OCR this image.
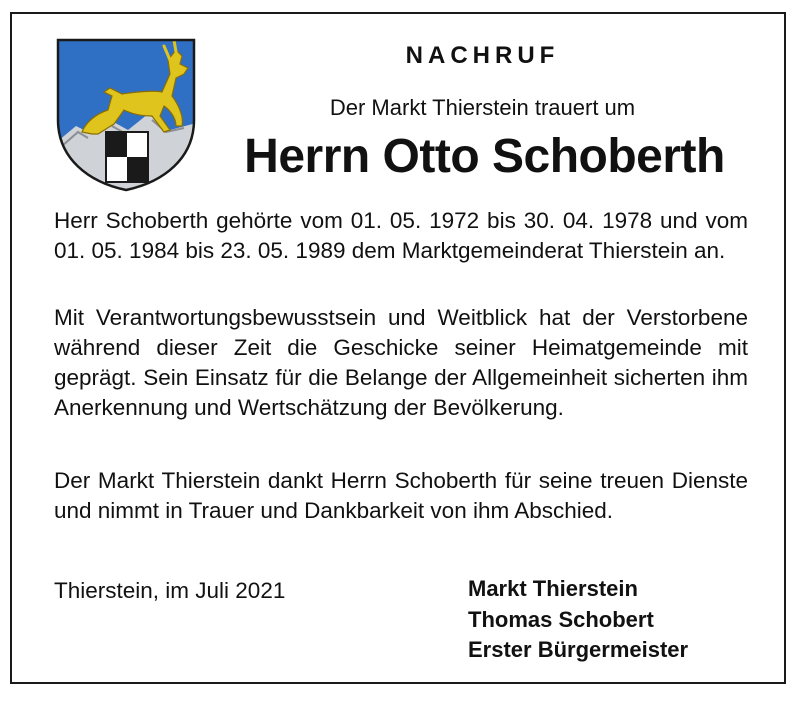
NACHRUF
Der Markt Thierstein trauert um
Herrn Otto Schoberth

Herr Schoberth gehörte vom 01. 05. 1972 bis 30. 04. 1978 und vom 01. 05. 1984 bis 23. 05. 1989 dem Marktgemeinderat Thierstein an.

Mit Verantwortungsbewusstsein und Weitblick hat der Verstorbene während dieser Zeit die Geschicke seiner Heimatgemeinde mit geprägt. Sein Einsatz für die Belange der Allgemeinheit sicherten ihm Anerkennung und Wertschätzung der Bevölkerung.

Der Markt Thierstein dankt Herrn Schoberth für seine treuen Dienste und nimmt in Trauer und Dankbarkeit von ihm Abschied.

Thierstein, im Juli 2021	Markt Thierstein
Thomas Schobert
Erster Bürgermeister
